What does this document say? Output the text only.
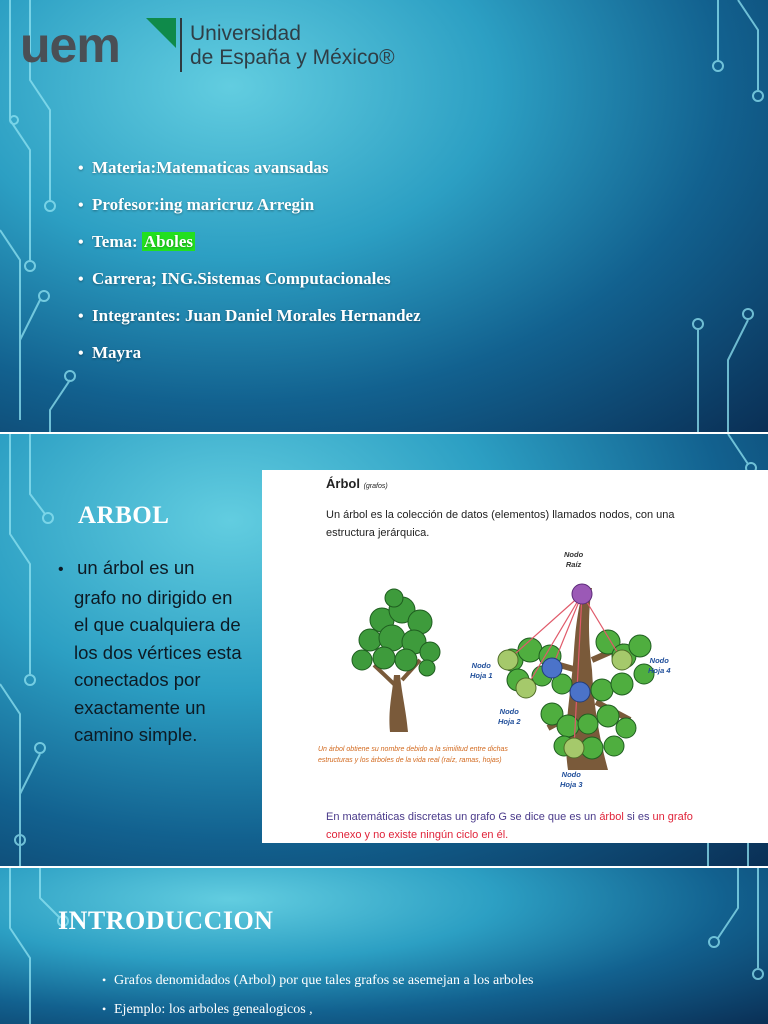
uem	Universidad
de España y México®
• Materia:Matematicas avansadas
• Profesor:ing maricruz Arregin
• Tema: Aboles
• Carrera; ING.Sistemas Computacionales
• Integrantes: Juan Daniel Morales Hernandez
• Mayra
ARBOL
• un árbol es un
grafo no dirigido en
el que cualquiera de
los dos vértices esta
conectados por
exactamente un
camino simple.
Árbol (grafos)
Un árbol es la colección de datos (elementos) llamados nodos, con una estructura jerárquica.
Nodo
Raíz
Nodo
Hoja 1
Nodo
Hoja 2
Nodo
Hoja 3
Nodo
Hoja 4
Un árbol obtiene su nombre debido a la similitud entre dichas estructuras y los árboles de la vida real (raíz, ramas, hojas)
En matemáticas discretas un grafo G se dice que es un árbol si es un grafo conexo y no existe ningún ciclo en él.
INTRODUCCION
• Grafos denomidados (Arbol) por que tales grafos se asemejan a los arboles
• Ejemplo: los arboles genealogicos ,
